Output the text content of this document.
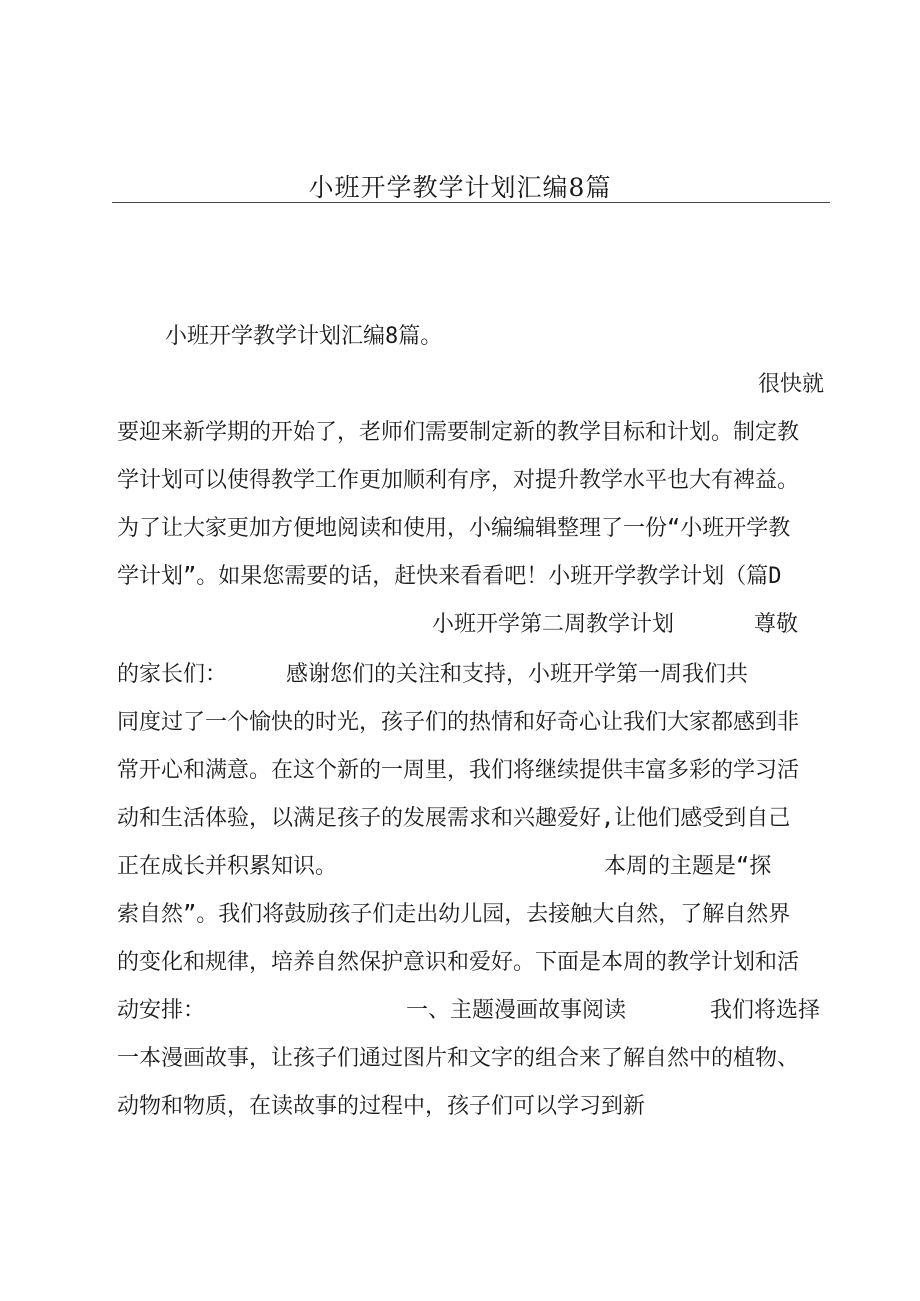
小班开学教学计划汇编8篇
小班开学教学计划汇编8篇。
很快就
要迎来新学期的开始了，老师们需要制定新的教学目标和计划。制定教
学计划可以使得教学工作更加顺利有序，对提升教学水平也大有裨益。
为了让大家更加方便地阅读和使用，小编编辑整理了一份“小班开学教
学计划”。如果您需要的话，赶快来看看吧！小班开学教学计划（篇D
小班开学第二周教学计划	尊敬
的家长们：	感谢您们的关注和支持，小班开学第一周我们共
同度过了一个愉快的时光，孩子们的热情和好奇心让我们大家都感到非
常开心和满意。在这个新的一周里，我们将继续提供丰富多彩的学习活
动和生活体验，以满足孩子的发展需求和兴趣爱好,让他们感受到自己
正在成长并积累知识。	本周的主题是“探
索自然”。我们将鼓励孩子们走出幼儿园，去接触大自然，了解自然界
的变化和规律，培养自然保护意识和爱好。下面是本周的教学计划和活
动安排：	一、主题漫画故事阅读	我们将选择
一本漫画故事，让孩子们通过图片和文字的组合来了解自然中的植物、
动物和物质，在读故事的过程中，孩子们可以学习到新
